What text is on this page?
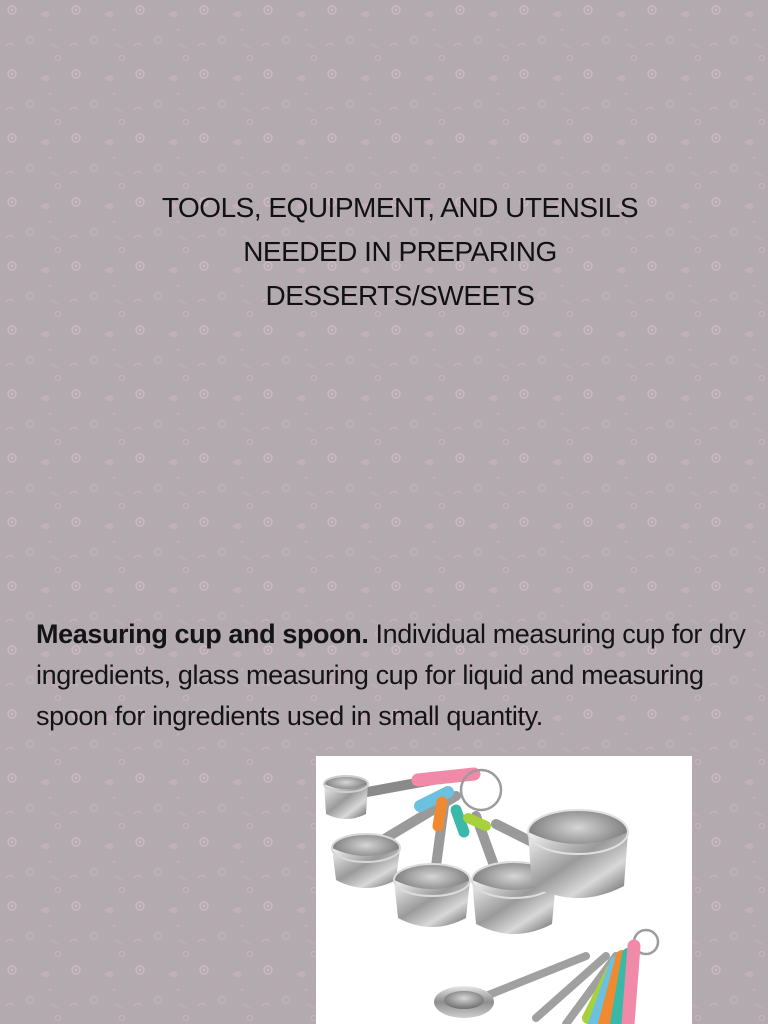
TOOLS, EQUIPMENT, AND UTENSILS
NEEDED IN PREPARING
DESSERTS/SWEETS
Measuring cup and spoon. Individual measuring cup for dry ingredients, glass measuring cup for liquid and measuring spoon for ingredients used in small quantity.
